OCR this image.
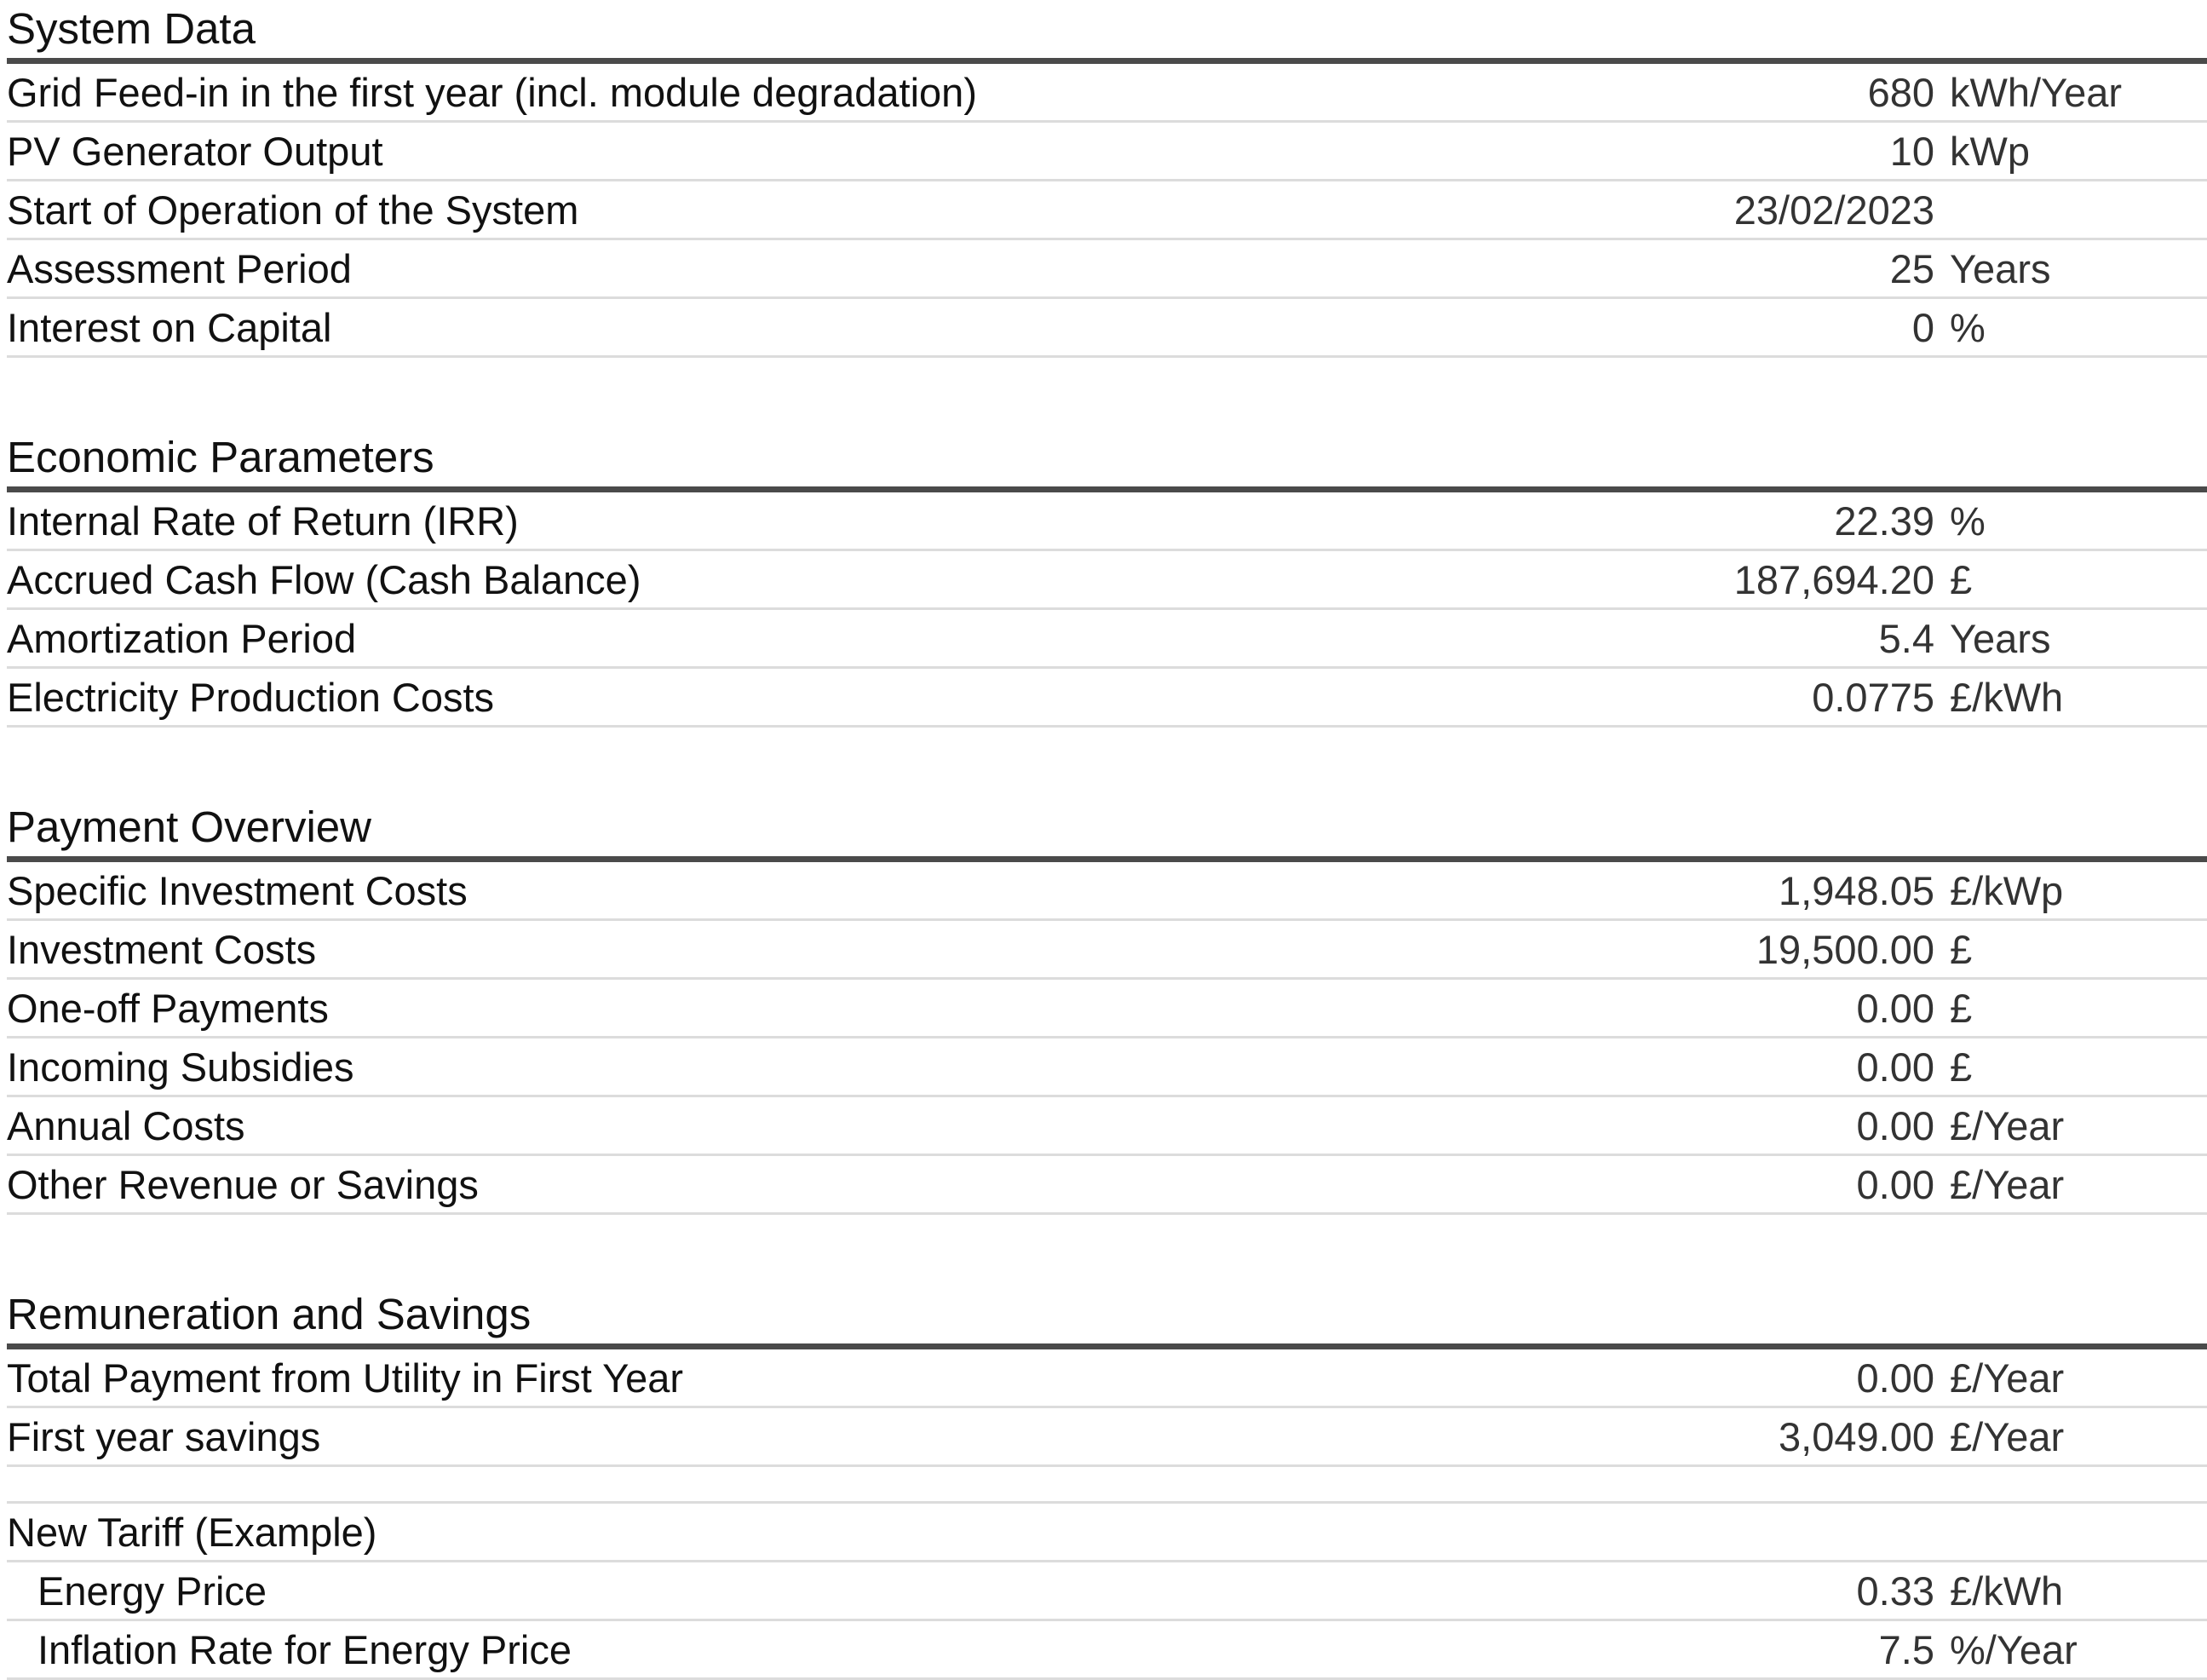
System Data
Grid Feed-in in the first year (incl. module degradation)	680 kWh/Year
PV Generator Output	10 kWp
Start of Operation of the System	23/02/2023
Assessment Period	25 Years
Interest on Capital	0 %
Economic Parameters
Internal Rate of Return (IRR)	22.39 %
Accrued Cash Flow (Cash Balance)	187,694.20 £
Amortization Period	5.4 Years
Electricity Production Costs	0.0775 £/kWh
Payment Overview
Specific Investment Costs	1,948.05 £/kWp
Investment Costs	19,500.00 £
One-off Payments	0.00 £
Incoming Subsidies	0.00 £
Annual Costs	0.00 £/Year
Other Revenue or Savings	0.00 £/Year
Remuneration and Savings
Total Payment from Utility in First Year	0.00 £/Year
First year savings	3,049.00 £/Year
New Tariff (Example)
Energy Price	0.33 £/kWh
Inflation Rate for Energy Price	7.5 %/Year
